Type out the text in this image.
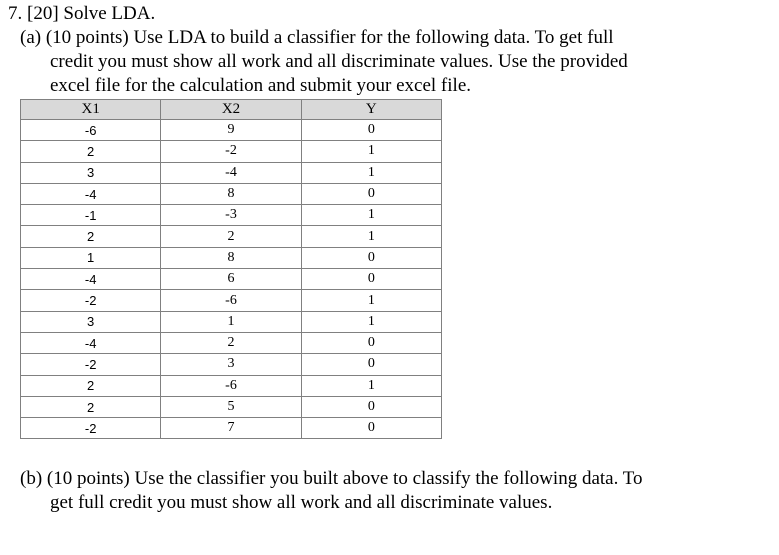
7. [20] Solve LDA.
(a) (10 points) Use LDA to build a classifier for the following data. To get full
credit you must show all work and all discriminate values. Use the provided
excel file for the calculation and submit your excel file.
X1	X2	Y
-6	9	0
2	-2	1
3	-4	1
-4	8	0
-1	-3	1
2	2	1
1	8	0
-4	6	0
-2	-6	1
3	1	1
-4	2	0
-2	3	0
2	-6	1
2	5	0
-2	7	0
(b) (10 points) Use the classifier you built above to classify the following data. To
get full credit you must show all work and all discriminate values.
